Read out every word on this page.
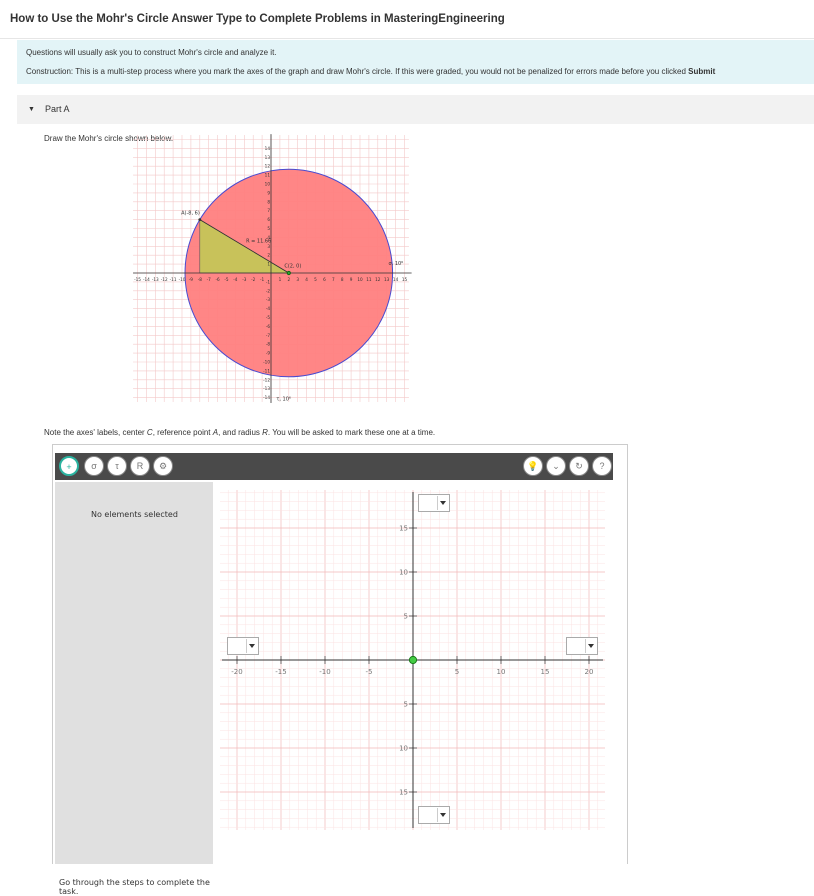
How to Use the Mohr's Circle Answer Type to Complete Problems in MasteringEngineering

Questions will usually ask you to construct Mohr's circle and analyze it.

Construction: This is a multi-step process where you mark the axes of the graph and draw Mohr's circle. If this were graded, you would not be penalized for errors made before you clicked Submit

▼ Part A
Draw the Mohr's circle shown below.
-15 -14 -13 -12 -11 -10 -9 -8 -7 -6 -5 -4 -3 -2 -1	1 2 3 4 5 6 7 8 9 10 11 12 13 14 15
-14
-13
-12
-11
-10
-9
-8
-7
-6
-5
-4
-3
-2
-1
1
2
3
4
5
6
7
8
9
10
11
12
13
14
A(-8, 6)
R = 11.66
C(2, 0)	σ, 10⁶
τ, 10⁶
Note the axes' labels, center C, reference point A, and radius R. You will be asked to mark these one at a time.
+	σ	τ	R	⚙	💡	⌄	↻	?
No elements selected
Go through the steps to complete the task.
-20	-15	-10	-5	5	10	15	20
15
10
5
5
10
15
